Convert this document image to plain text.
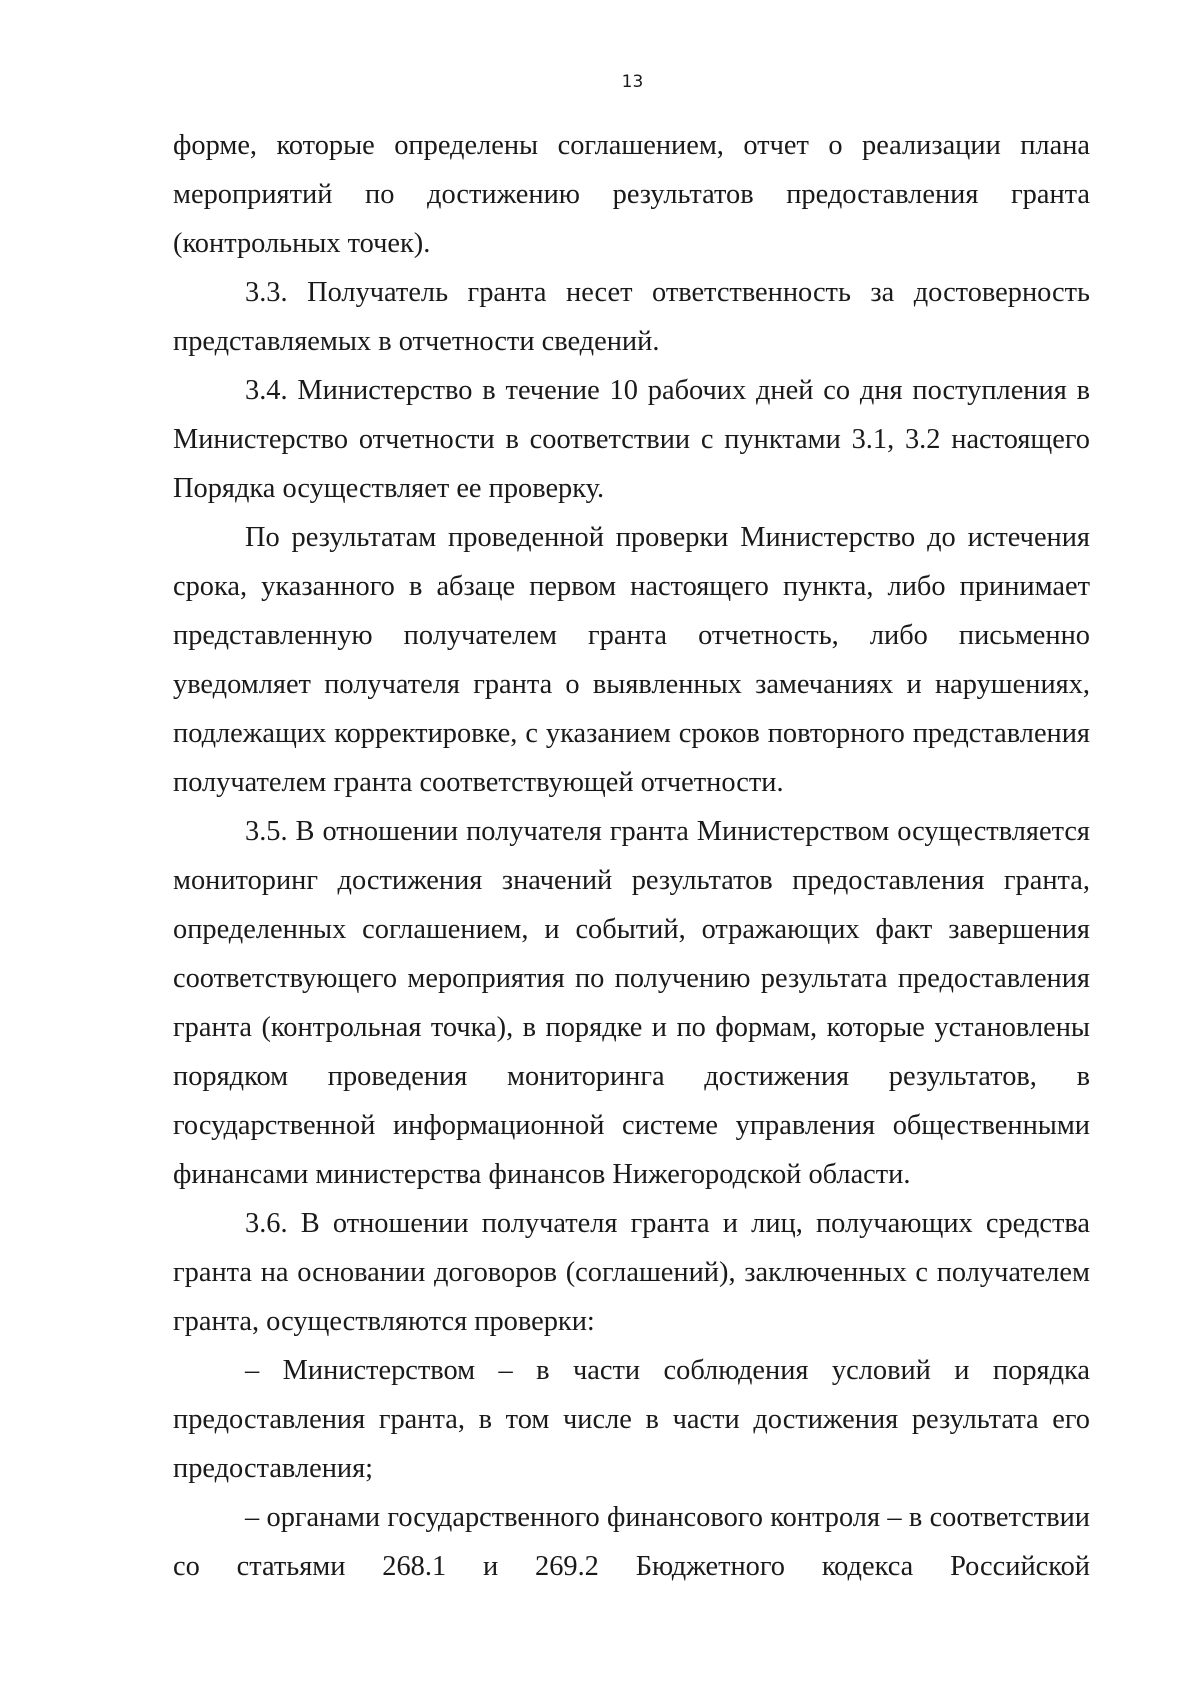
13

форме, которые определены соглашением, отчет о реализации плана мероприятий по достижению результатов предоставления гранта (контрольных точек).

3.3. Получатель гранта несет ответственность за достоверность представляемых в отчетности сведений.

3.4. Министерство в течение 10 рабочих дней со дня поступления в Министерство отчетности в соответствии с пунктами 3.1, 3.2 настоящего Порядка осуществляет ее проверку.

По результатам проведенной проверки Министерство до истечения срока, указанного в абзаце первом настоящего пункта, либо принимает представленную получателем гранта отчетность, либо письменно уведомляет получателя гранта о выявленных замечаниях и нарушениях, подлежащих корректировке, с указанием сроков повторного представления получателем гранта соответствующей отчетности.

3.5. В отношении получателя гранта Министерством осуществляется мониторинг достижения значений результатов предоставления гранта, определенных соглашением, и событий, отражающих факт завершения соответствующего мероприятия по получению результата предоставления гранта (контрольная точка), в порядке и по формам, которые установлены порядком проведения мониторинга достижения результатов, в государственной информационной системе управления общественными финансами министерства финансов Нижегородской области.

3.6. В отношении получателя гранта и лиц, получающих средства гранта на основании договоров (соглашений), заключенных с получателем гранта, осуществляются проверки:

– Министерством – в части соблюдения условий и порядка предоставления гранта, в том числе в части достижения результата его предоставления;

– органами государственного финансового контроля – в соответствии со статьями 268.1 и 269.2 Бюджетного кодекса Российской
